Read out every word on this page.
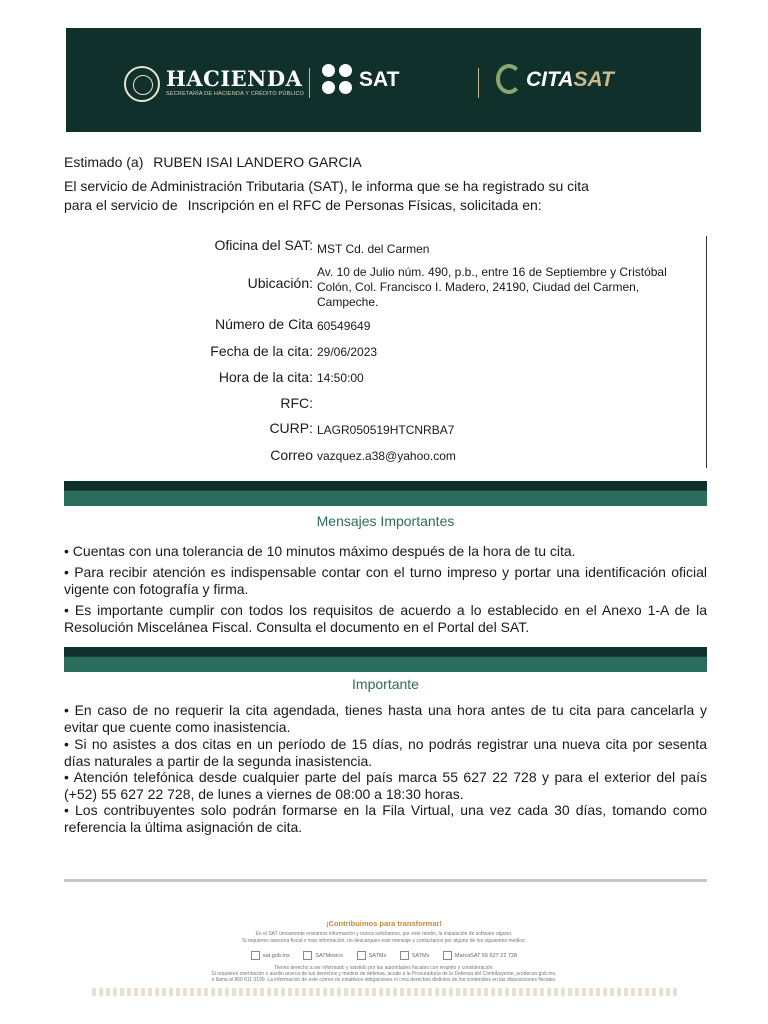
HACIENDA
SECRETARÍA DE HACIENDA Y CRÉDITO PÚBLICO
SAT	CITASAT
Estimado (a) RUBEN ISAI LANDERO GARCIA
El servicio de Administración Tributaria (SAT), le informa que se ha registrado su cita
para el servicio de Inscripción en el RFC de Personas Físicas, solicitada en:
Oficina del SAT: MST Cd. del Carmen
Ubicación:
Av. 10 de Julio núm. 490, p.b., entre 16 de Septiembre y Cristóbal
Colón, Col. Francisco I. Madero, 24190, Ciudad del Carmen,
Campeche.
Número de Cita 60549649
Fecha de la cita: 29/06/2023
Hora de la cita: 14:50:00
RFC:
CURP: LAGR050519HTCNRBA7
Correo vazquez.a38@yahoo.com
Mensajes Importantes
• Cuentas con una tolerancia de 10 minutos máximo después de la hora de tu cita.
• Para recibir atención es indispensable contar con el turno impreso y portar una identificación oficial vigente con fotografía y firma.
• Es importante cumplir con todos los requisitos de acuerdo a lo establecido en el Anexo 1-A de la Resolución Miscelánea Fiscal. Consulta el documento en el Portal del SAT.
Importante
• En caso de no requerir la cita agendada, tienes hasta una hora antes de tu cita para cancelarla y evitar que cuente como inasistencia.
• Si no asistes a dos citas en un período de 15 días, no podrás registrar una nueva cita por sesenta días naturales a partir de la segunda inasistencia.
• Atención telefónica desde cualquier parte del país marca 55 627 22 728 y para el exterior del país (+52) 55 627 22 728, de lunes a viernes de 08:00 a 18:30 horas.
• Los contribuyentes solo podrán formarse en la Fila Virtual, una vez cada 30 días, tomando como referencia la última asignación de cita.
¡Contribuimos para transformar!
En el SAT únicamente enviamos información y nunca solicitamos, por este medio, la instalación de software alguno.
Si requieres asesoría fiscal o más información, no descargues este mensaje y contáctanos por alguno de los siguientes medios:
sat.gob.mx	SATMexico	SATMx	SATMx	MarcaSAT 55 627 22 728
Tienes derecho a ser informado y asistido por las autoridades fiscales con respeto y consideración.
Si requieres orientación o auxilio acerca de tus derechos y medios de defensa, acude a la Procuraduría de la Defensa del Contribuyente, prodecon.gob.mx,
o llama al 800 611 0190. La información de este correo no establece obligaciones ni crea derechos distintos de los contenidos en las disposiciones fiscales.
